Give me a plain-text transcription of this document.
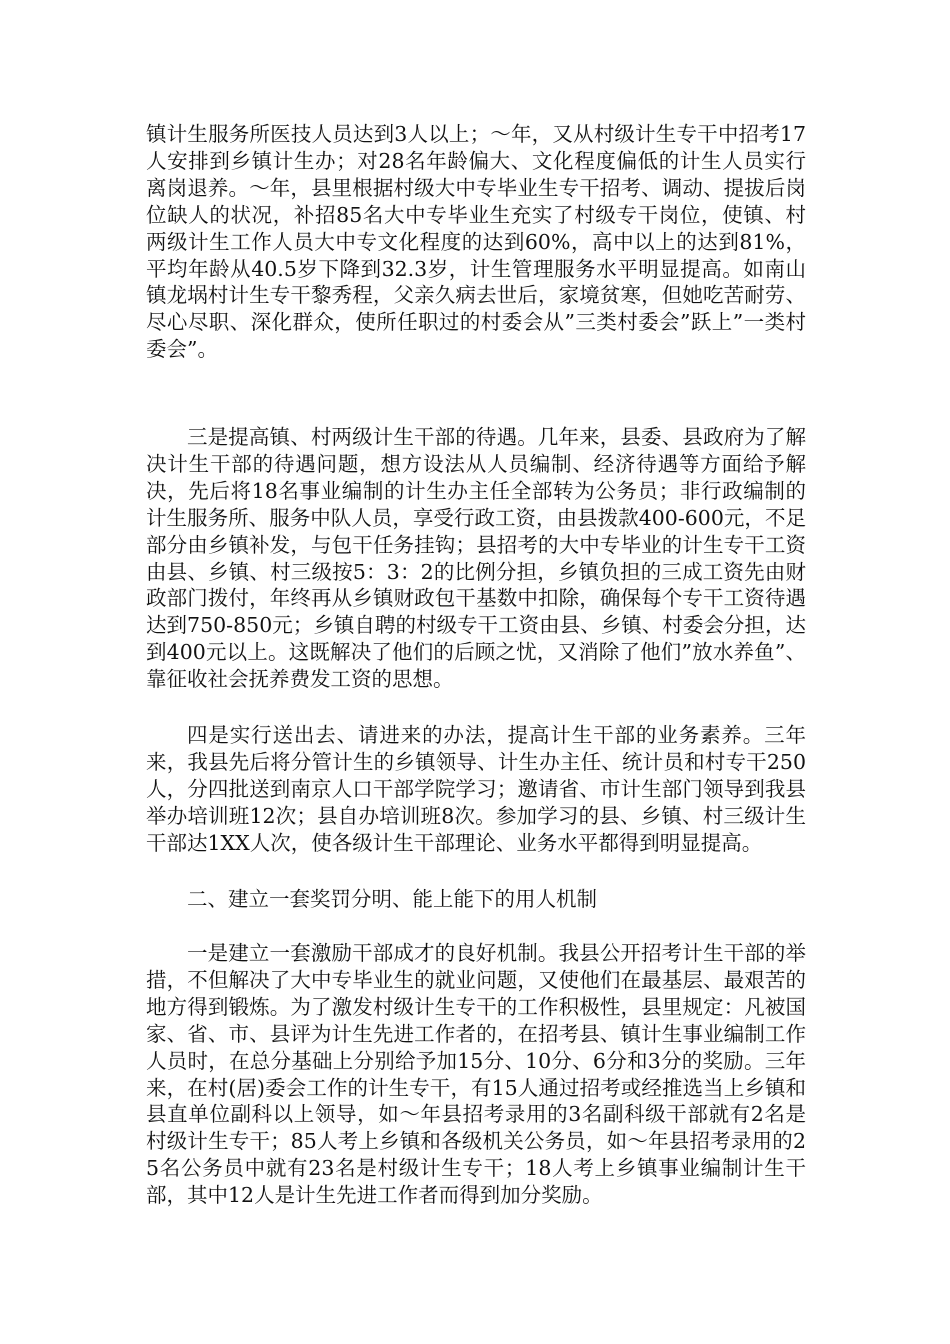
镇计生服务所医技人员达到3人以上；～年，又从村级计生专干中招考17人安排到乡镇计生办；对28名年龄偏大、文化程度偏低的计生人员实行离岗退养。～年，县里根据村级大中专毕业生专干招考、调动、提拔后岗位缺人的状况，补招85名大中专毕业生充实了村级专干岗位，使镇、村两级计生工作人员大中专文化程度的达到60%，高中以上的达到81%，平均年龄从40.5岁下降到32.3岁，计生管理服务水平明显提高。如南山镇龙埚村计生专干黎秀程，父亲久病去世后，家境贫寒，但她吃苦耐劳、尽心尽职、深化群众，使所任职过的村委会从”三类村委会”跃上”一类村委会”。

三是提高镇、村两级计生干部的待遇。几年来，县委、县政府为了解决计生干部的待遇问题，想方设法从人员编制、经济待遇等方面给予解决，先后将18名事业编制的计生办主任全部转为公务员；非行政编制的计生服务所、服务中队人员，享受行政工资，由县拨款400-600元，不足部分由乡镇补发，与包干任务挂钩；县招考的大中专毕业的计生专干工资由县、乡镇、村三级按5：3：2的比例分担，乡镇负担的三成工资先由财政部门拨付，年终再从乡镇财政包干基数中扣除，确保每个专干工资待遇达到750-850元；乡镇自聘的村级专干工资由县、乡镇、村委会分担，达到400元以上。这既解决了他们的后顾之忧，又消除了他们”放水养鱼”、靠征收社会抚养费发工资的思想。

四是实行送出去、请进来的办法，提高计生干部的业务素养。三年来，我县先后将分管计生的乡镇领导、计生办主任、统计员和村专干250人，分四批送到南京人口干部学院学习；邀请省、市计生部门领导到我县举办培训班12次；县自办培训班8次。参加学习的县、乡镇、村三级计生干部达1XX人次，使各级计生干部理论、业务水平都得到明显提高。

二、建立一套奖罚分明、能上能下的用人机制

一是建立一套激励干部成才的良好机制。我县公开招考计生干部的举措，不但解决了大中专毕业生的就业问题，又使他们在最基层、最艰苦的地方得到锻炼。为了激发村级计生专干的工作积极性，县里规定：凡被国家、省、市、县评为计生先进工作者的，在招考县、镇计生事业编制工作人员时，在总分基础上分别给予加15分、10分、6分和3分的奖励。三年来，在村(居)委会工作的计生专干，有15人通过招考或经推选当上乡镇和县直单位副科以上领导，如～年县招考录用的3名副科级干部就有2名是村级计生专干；85人考上乡镇和各级机关公务员，如～年县招考录用的25名公务员中就有23名是村级计生专干；18人考上乡镇事业编制计生干部，其中12人是计生先进工作者而得到加分奖励。
